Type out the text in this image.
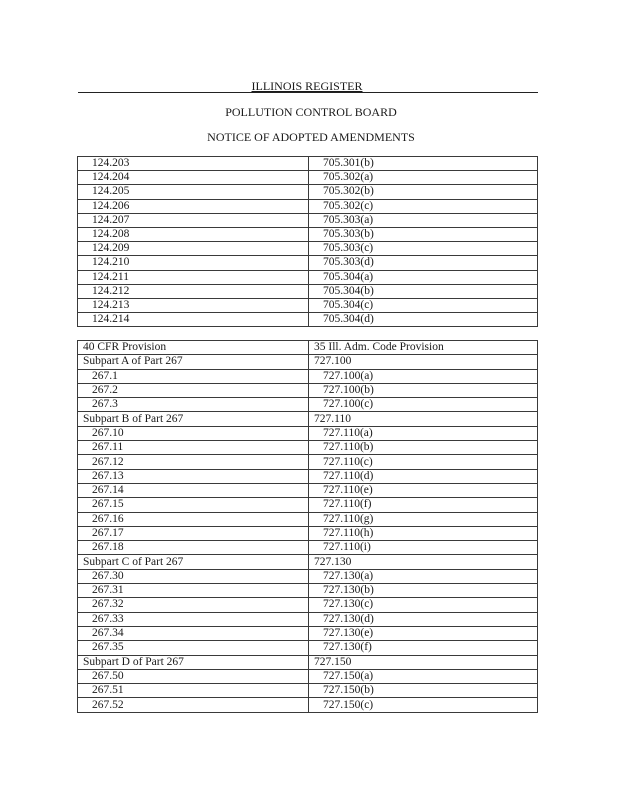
ILLINOIS REGISTER
POLLUTION CONTROL BOARD
NOTICE OF ADOPTED AMENDMENTS
124.203	705.301(b)
124.204	705.302(a)
124.205	705.302(b)
124.206	705.302(c)
124.207	705.303(a)
124.208	705.303(b)
124.209	705.303(c)
124.210	705.303(d)
124.211	705.304(a)
124.212	705.304(b)
124.213	705.304(c)
124.214	705.304(d)
40 CFR Provision	35 Ill. Adm. Code Provision
Subpart A of Part 267	727.100
267.1	727.100(a)
267.2	727.100(b)
267.3	727.100(c)
Subpart B of Part 267	727.110
267.10	727.110(a)
267.11	727.110(b)
267.12	727.110(c)
267.13	727.110(d)
267.14	727.110(e)
267.15	727.110(f)
267.16	727.110(g)
267.17	727.110(h)
267.18	727.110(i)
Subpart C of Part 267	727.130
267.30	727.130(a)
267.31	727.130(b)
267.32	727.130(c)
267.33	727.130(d)
267.34	727.130(e)
267.35	727.130(f)
Subpart D of Part 267	727.150
267.50	727.150(a)
267.51	727.150(b)
267.52	727.150(c)
